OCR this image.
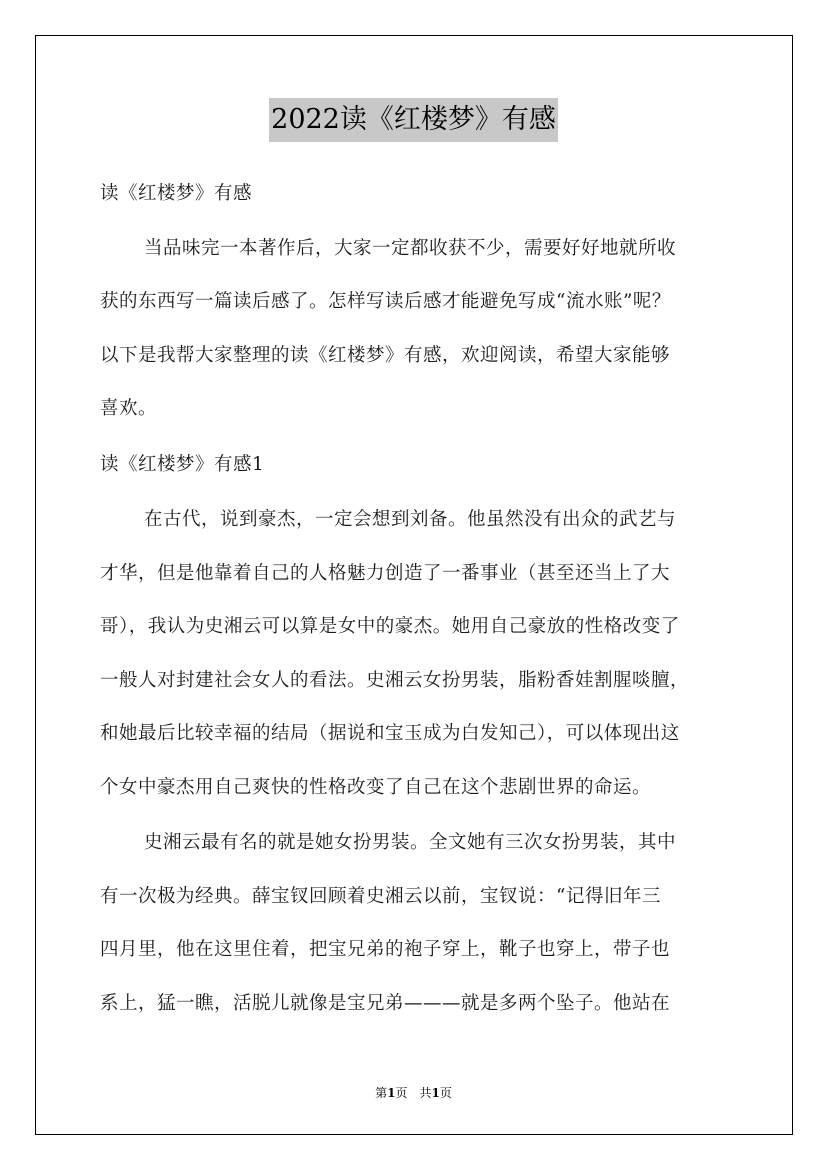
2022读《红楼梦》有感
读《红楼梦》有感
当品味完一本著作后，大家一定都收获不少，需要好好地就所收
获的东西写一篇读后感了。怎样写读后感才能避免写成“流水账”呢？
以下是我帮大家整理的读《红楼梦》有感，欢迎阅读，希望大家能够
喜欢。
读《红楼梦》有感1
在古代，说到豪杰，一定会想到刘备。他虽然没有出众的武艺与
才华，但是他靠着自己的人格魅力创造了一番事业（甚至还当上了大
哥），我认为史湘云可以算是女中的豪杰。她用自己豪放的性格改变了
一般人对封建社会女人的看法。史湘云女扮男装，脂粉香娃割腥啖膻，
和她最后比较幸福的结局（据说和宝玉成为白发知己），可以体现出这
个女中豪杰用自己爽快的性格改变了自己在这个悲剧世界的命运。
史湘云最有名的就是她女扮男装。全文她有三次女扮男装，其中
有一次极为经典。薛宝钗回顾着史湘云以前，宝钗说：“记得旧年三
四月里，他在这里住着，把宝兄弟的袍子穿上，靴子也穿上，带子也
系上，猛一瞧，活脱儿就像是宝兄弟———就是多两个坠子。他站在
第1页　共1页
